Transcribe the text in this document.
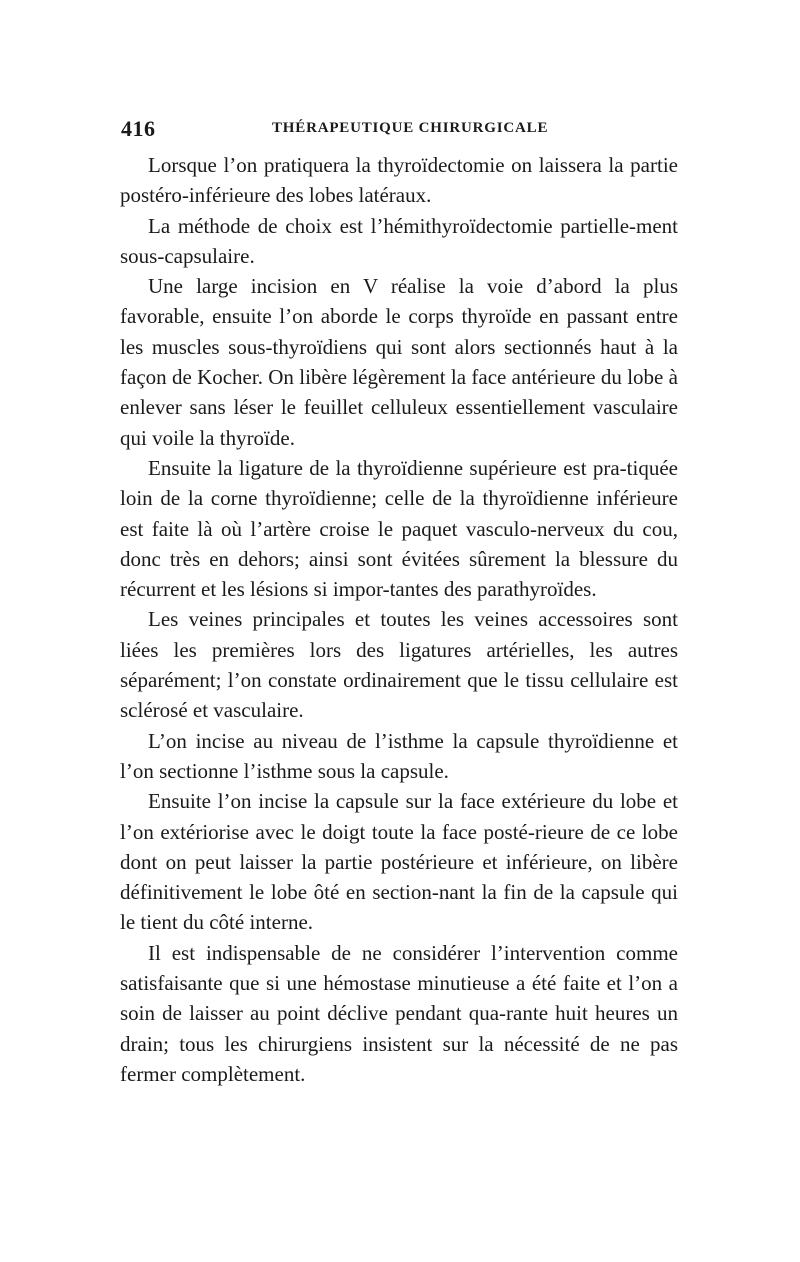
416	THÉRAPEUTIQUE CHIRURGICALE

Lorsque l’on pratiquera la thyroïdectomie on laissera la partie postéro-inférieure des lobes latéraux.

La méthode de choix est l’hémithyroïdectomie partielle-ment sous-capsulaire.

Une large incision en V réalise la voie d’abord la plus favorable, ensuite l’on aborde le corps thyroïde en passant entre les muscles sous-thyroïdiens qui sont alors sectionnés haut à la façon de Kocher. On libère légèrement la face antérieure du lobe à enlever sans léser le feuillet celluleux essentiellement vasculaire qui voile la thyroïde.

Ensuite la ligature de la thyroïdienne supérieure est pra-tiquée loin de la corne thyroïdienne; celle de la thyroïdienne inférieure est faite là où l’artère croise le paquet vasculo-nerveux du cou, donc très en dehors; ainsi sont évitées sûrement la blessure du récurrent et les lésions si impor-tantes des parathyroïdes.

Les veines principales et toutes les veines accessoires sont liées les premières lors des ligatures artérielles, les autres séparément; l’on constate ordinairement que le tissu cellulaire est sclérosé et vasculaire.

L’on incise au niveau de l’isthme la capsule thyroïdienne et l’on sectionne l’isthme sous la capsule.

Ensuite l’on incise la capsule sur la face extérieure du lobe et l’on extériorise avec le doigt toute la face posté-rieure de ce lobe dont on peut laisser la partie postérieure et inférieure, on libère définitivement le lobe ôté en section-nant la fin de la capsule qui le tient du côté interne.

Il est indispensable de ne considérer l’intervention comme satisfaisante que si une hémostase minutieuse a été faite et l’on a soin de laisser au point déclive pendant qua-rante huit heures un drain; tous les chirurgiens insistent sur la nécessité de ne pas fermer complètement.
